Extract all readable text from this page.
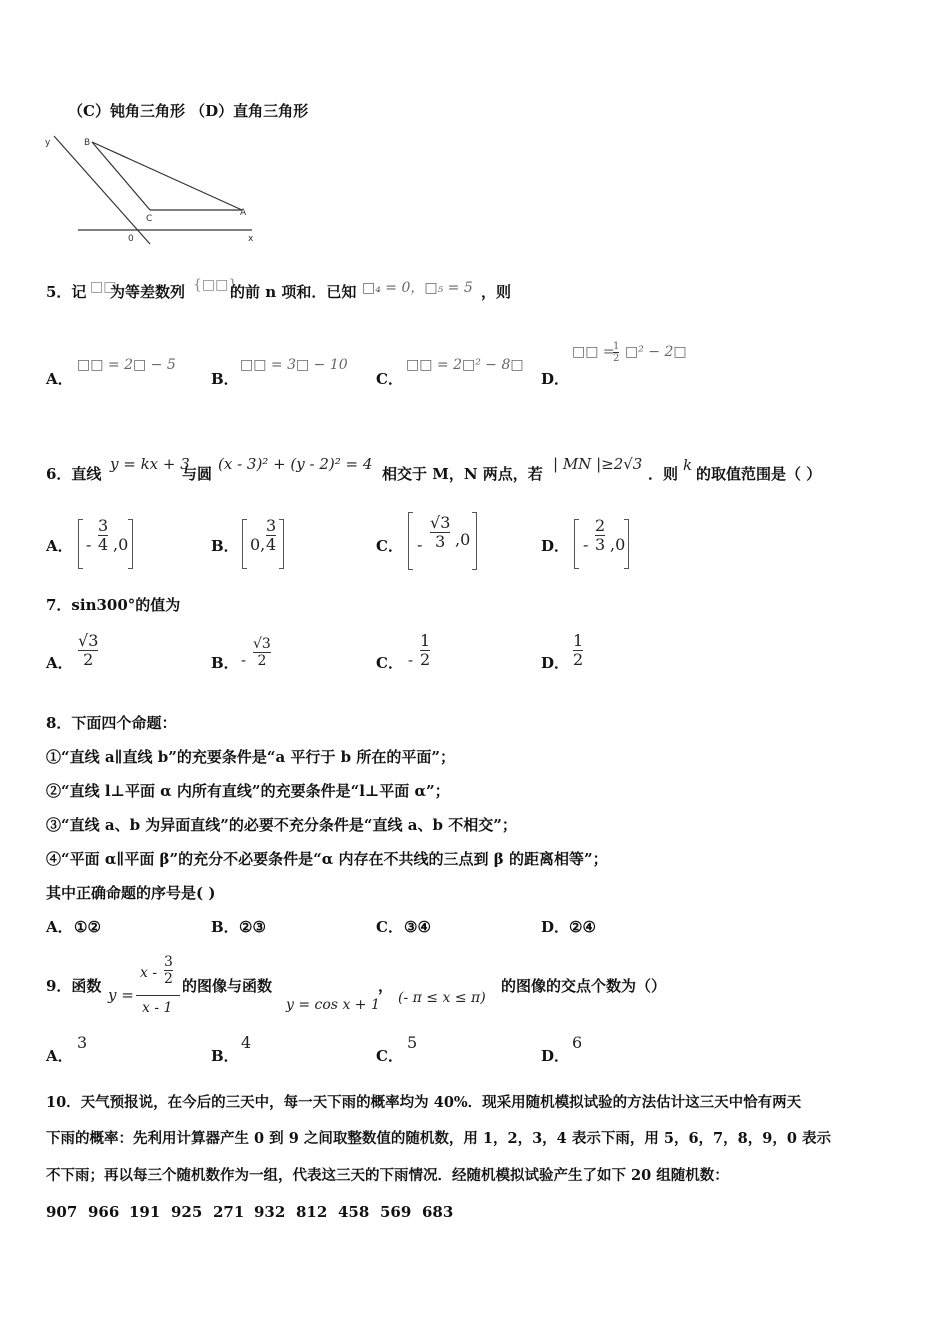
（C）钝角三角形 （D）直角三角形
y	B
C
A
0	x
5．记 □□
为等差数列 {□□}
的前 n 项和．已知 □₄ = 0，□₅ = 5 ，则
A．
□□ = 2□ − 5
B．
□□ = 3□ − 10
C．
□□ = 2□² − 8□
D．
□□ =
1
2 □² − 2□
6．直线
y = kx + 3
与圆
(x - 3)² + (y - 2)² = 4
相交于 M，N 两点，若
| MN |≥2√3
．则 k 的取值范围是（ ）
A． -
3
4 ,0	B． 0,
3
4	C． -
√3
3 ,0	D． -
2
3 ,0
7．sin300°的值为
A．
√3
2	B． -
√3
2	C． -
1
2	D．
1
2
8．下面四个命题：
①“直线 a∥直线 b”的充要条件是“a 平行于 b 所在的平面”；
②“直线 l⊥平面 α 内所有直线”的充要条件是“l⊥平面 α”；
③“直线 a、b 为异面直线”的必要不充分条件是“直线 a、b 不相交”；
④“平面 α∥平面 β”的充分不必要条件是“α 内存在不共线的三点到 β 的距离相等”；
其中正确命题的序号是( )
A． ①②	B． ②③	C． ③④	D． ②④
9．函数 y =
x -
3
2
x - 1
的图像与函数	，
y = cos x + 1 (- π ≤ x ≤ π)
的图像的交点个数为（）
A．
3
B．
4
C．
5
D．
6
10．天气预报说，在今后的三天中，每一天下雨的概率均为 40%．现采用随机模拟试验的方法估计这三天中恰有两天
下雨的概率：先利用计算器产生 0 到 9 之间取整数值的随机数，用 1，2，3，4 表示下雨，用 5，6，7，8，9，0 表示
不下雨；再以每三个随机数作为一组，代表这三天的下雨情况．经随机模拟试验产生了如下 20 组随机数：
907 966 191 925 271 932 812 458 569 683
